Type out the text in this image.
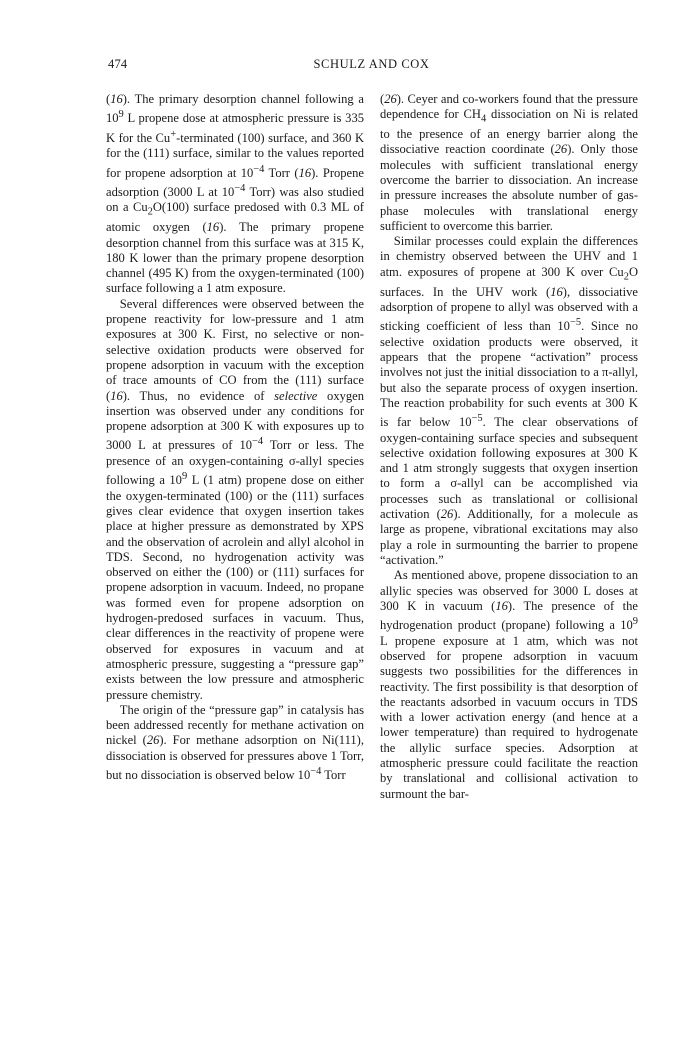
474	SCHULZ AND COX

(16). The primary desorption channel following a $10^9$ L propene dose at atmospheric pressure is 335 K for the Cu+-terminated (100) surface, and 360 K for the (111) surface, similar to the values reported for propene adsorption at $10^{-4}$ Torr (16). Propene adsorption (3000 L at $10^{-4}$ Torr) was also studied on a $Cu_2O(100)$ surface predosed with 0.3 ML of atomic oxygen (16). The primary propene desorption channel from this surface was at 315 K, 180 K lower than the primary propene desorption channel (495 K) from the oxygen-terminated (100) surface following a 1 atm exposure.

Several differences were observed between the propene reactivity for low-pressure and 1 atm exposures at 300 K. First, no selective or non-selective oxidation products were observed for propene adsorption in vacuum with the exception of trace amounts of CO from the (111) surface (16). Thus, no evidence of selective oxygen insertion was observed under any conditions for propene adsorption at 300 K with exposures up to 3000 L at pressures of $10^{-4}$ Torr or less. The presence of an oxygen-containing σ-allyl species following a $10^9$ L (1 atm) propene dose on either the oxygen-terminated (100) or the (111) surfaces gives clear evidence that oxygen insertion takes place at higher pressure as demonstrated by XPS and the observation of acrolein and allyl alcohol in TDS. Second, no hydrogenation activity was observed on either the (100) or (111) surfaces for propene adsorption in vacuum. Indeed, no propane was formed even for propene adsorption on hydrogen-predosed surfaces in vacuum. Thus, clear differences in the reactivity of propene were observed for exposures in vacuum and at atmospheric pressure, suggesting a “pressure gap” exists between the low pressure and atmospheric pressure chemistry.

The origin of the “pressure gap” in catalysis has been addressed recently for methane activation on nickel (26). For methane adsorption on Ni(111), dissociation is observed for pressures above 1 Torr, but no dissociation is observed below $10^{-4}$ Torr

(26). Ceyer and co-workers found that the pressure dependence for $CH_4$ dissociation on Ni is related to the presence of an energy barrier along the dissociative reaction coordinate (26). Only those molecules with sufficient translational energy overcome the barrier to dissociation. An increase in pressure increases the absolute number of gas-phase molecules with translational energy sufficient to overcome this barrier.

Similar processes could explain the differences in chemistry observed between the UHV and 1 atm. exposures of propene at 300 K over $Cu_2O$ surfaces. In the UHV work (16), dissociative adsorption of propene to allyl was observed with a sticking coefficient of less than $10^{-5}$. Since no selective oxidation products were observed, it appears that the propene “activation” process involves not just the initial dissociation to a π-allyl, but also the separate process of oxygen insertion. The reaction probability for such events at 300 K is far below $10^{-5}$. The clear observations of oxygen-containing surface species and subsequent selective oxidation following exposures at 300 K and 1 atm strongly suggests that oxygen insertion to form a σ-allyl can be accomplished via processes such as translational or collisional activation (26). Additionally, for a molecule as large as propene, vibrational excitations may also play a role in surmounting the barrier to propene “activation.”

As mentioned above, propene dissociation to an allylic species was observed for 3000 L doses at 300 K in vacuum (16). The presence of the hydrogenation product (propane) following a $10^9$ L propene exposure at 1 atm, which was not observed for propene adsorption in vacuum suggests two possibilities for the differences in reactivity. The first possibility is that desorption of the reactants adsorbed in vacuum occurs in TDS with a lower activation energy (and hence at a lower temperature) than required to hydrogenate the allylic surface species. Adsorption at atmospheric pressure could facilitate the reaction by translational and collisional activation to surmount the bar-
